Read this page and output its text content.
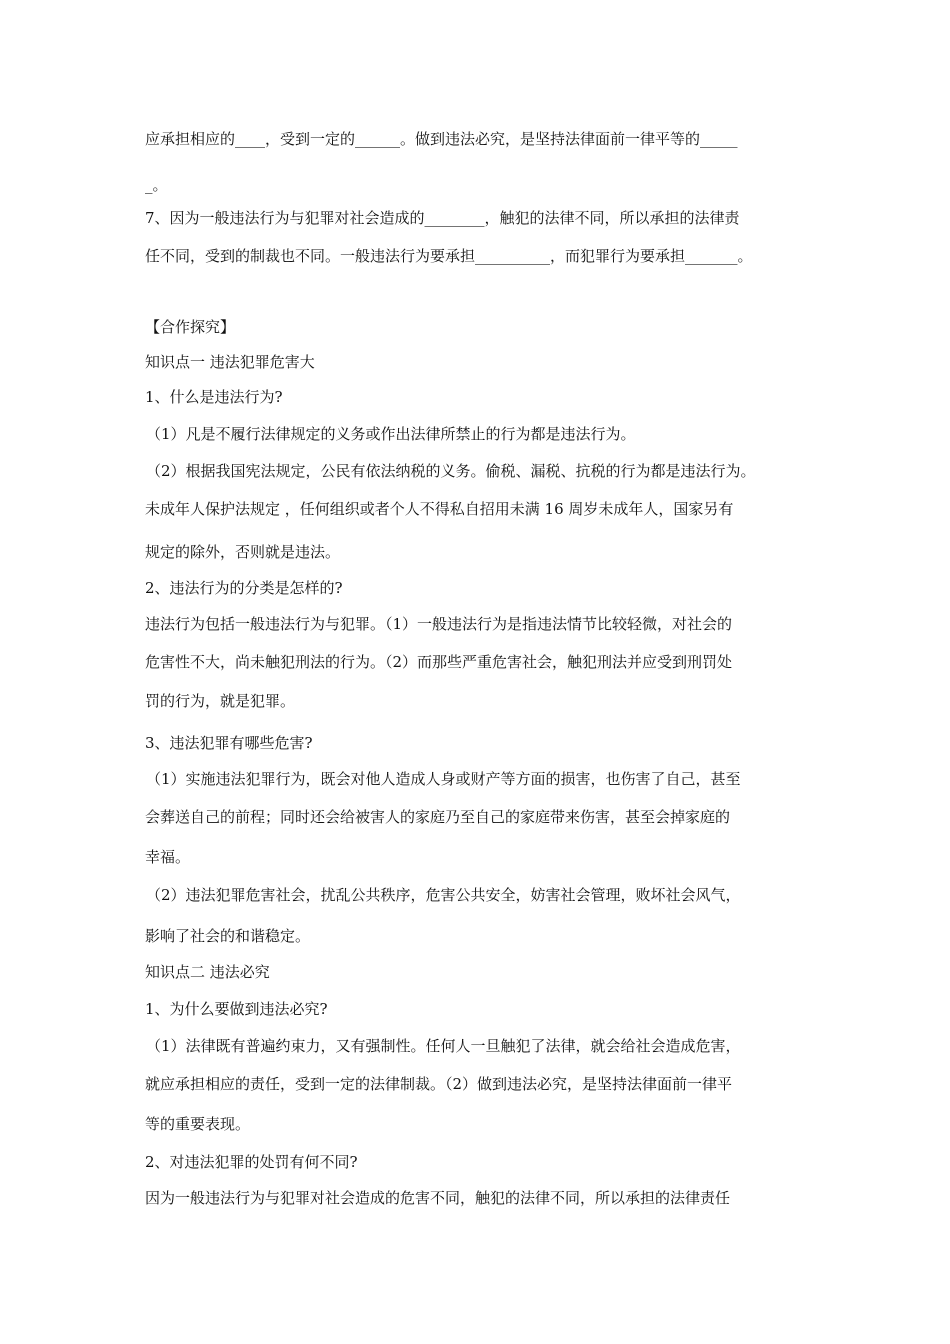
应承担相应的____，受到一定的______。做到违法必究，是坚持法律面前一律平等的_____
_。
7、因为一般违法行为与犯罪对社会造成的________，触犯的法律不同，所以承担的法律责
任不同，受到的制裁也不同。一般违法行为要承担__________，而犯罪行为要承担_______。
【合作探究】
知识点一 违法犯罪危害大
1、什么是违法行为?
（1）凡是不履行法律规定的义务或作出法律所禁止的行为都是违法行为。
（2）根据我国宪法规定，公民有依法纳税的义务。偷税、漏税、抗税的行为都是违法行为。
未成年人保护法规定 ，任何组织或者个人不得私自招用未满 16 周岁未成年人，国家另有
规定的除外，否则就是违法。
2、违法行为的分类是怎样的?
违法行为包括一般违法行为与犯罪。（1）一般违法行为是指违法情节比较轻微，对社会的
危害性不大，尚未触犯刑法的行为。（2）而那些严重危害社会，触犯刑法并应受到刑罚处
罚的行为，就是犯罪。
3、违法犯罪有哪些危害?
（1）实施违法犯罪行为，既会对他人造成人身或财产等方面的损害，也伤害了自己，甚至
会葬送自己的前程；同时还会给被害人的家庭乃至自己的家庭带来伤害，甚至会掉家庭的
幸福。
（2）违法犯罪危害社会，扰乱公共秩序，危害公共安全，妨害社会管理，败坏社会风气，
影响了社会的和谐稳定。
知识点二 违法必究
1、为什么要做到违法必究?
（1）法律既有普遍约束力，又有强制性。任何人一旦触犯了法律，就会给社会造成危害，
就应承担相应的责任，受到一定的法律制裁。（2）做到违法必究，是坚持法律面前一律平
等的重要表现。
2、对违法犯罪的处罚有何不同?
因为一般违法行为与犯罪对社会造成的危害不同，触犯的法律不同，所以承担的法律责任
